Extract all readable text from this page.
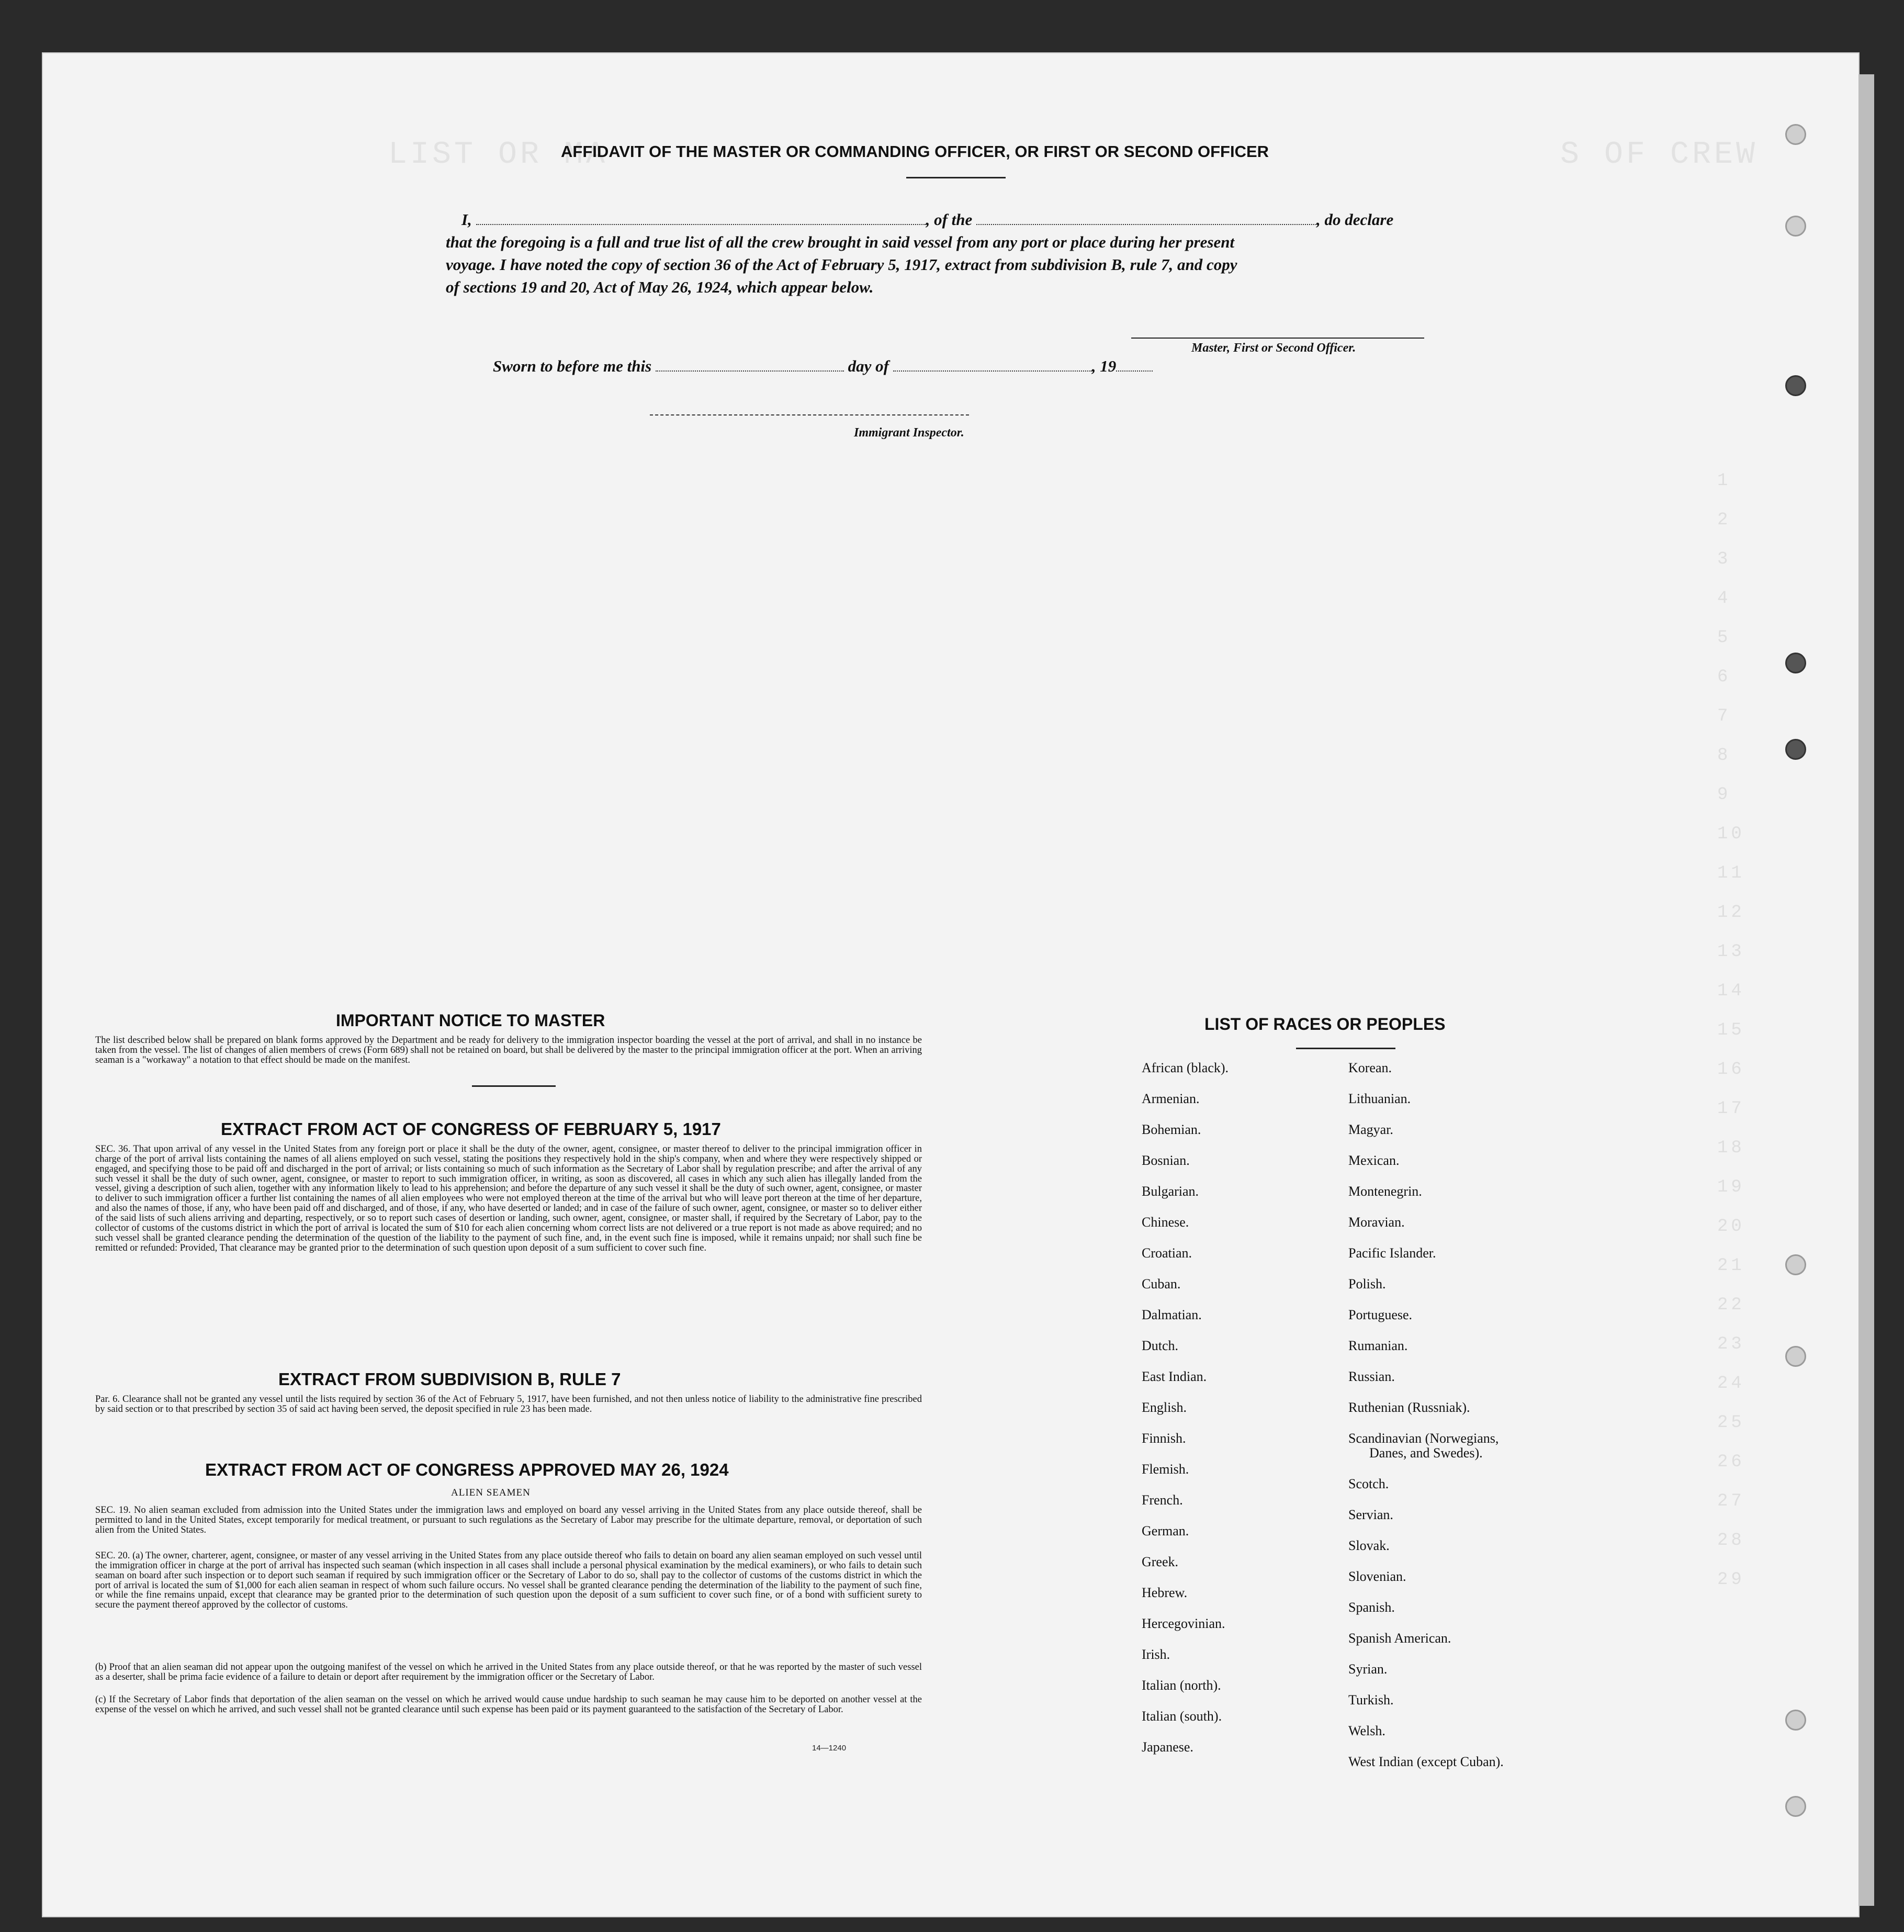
LIST OR MA	S OF CREW
1
2
3
4
5
6
7
8
9
10
11
12
13
14
15
16
17
18
19
20
21
22
23
24
25
26
27
28
29
AFFIDAVIT OF THE MASTER OR COMMANDING OFFICER, OR FIRST OR SECOND OFFICER
I,	, of the	, do declare
that the foregoing is a full and true list of all the crew brought in said vessel from any port or place during her present
voyage. I have noted the copy of section 36 of the Act of February 5, 1917, extract from subdivision B, rule 7, and copy
of sections 19 and 20, Act of May 26, 1924, which appear below.
Master, First or Second Officer.
Sworn to before me this	day of	, 19
Immigrant Inspector.
IMPORTANT NOTICE TO MASTER
The list described below shall be prepared on blank forms approved by the Department and be ready for delivery to the immigration inspector boarding the vessel at the port of arrival, and shall in no instance be taken from the vessel. The list of changes of alien members of crews (Form 689) shall not be retained on board, but shall be delivered by the master to the principal immigration officer at the port. When an arriving seaman is a "workaway" a notation to that effect should be made on the manifest.
EXTRACT FROM ACT OF CONGRESS OF FEBRUARY 5, 1917
SEC. 36. That upon arrival of any vessel in the United States from any foreign port or place it shall be the duty of the owner, agent, consignee, or master thereof to deliver to the principal immigration officer in charge of the port of arrival lists containing the names of all aliens employed on such vessel, stating the positions they respectively hold in the ship's company, when and where they were respectively shipped or engaged, and specifying those to be paid off and discharged in the port of arrival; or lists containing so much of such information as the Secretary of Labor shall by regulation prescribe; and after the arrival of any such vessel it shall be the duty of such owner, agent, consignee, or master to report to such immigration officer, in writing, as soon as discovered, all cases in which any such alien has illegally landed from the vessel, giving a description of such alien, together with any information likely to lead to his apprehension; and before the departure of any such vessel it shall be the duty of such owner, agent, consignee, or master to deliver to such immigration officer a further list containing the names of all alien employees who were not employed thereon at the time of the arrival but who will leave port thereon at the time of her departure, and also the names of those, if any, who have been paid off and discharged, and of those, if any, who have deserted or landed; and in case of the failure of such owner, agent, consignee, or master so to deliver either of the said lists of such aliens arriving and departing, respectively, or so to report such cases of desertion or landing, such owner, agent, consignee, or master shall, if required by the Secretary of Labor, pay to the collector of customs of the customs district in which the port of arrival is located the sum of $10 for each alien concerning whom correct lists are not delivered or a true report is not made as above required; and no such vessel shall be granted clearance pending the determination of the question of the liability to the payment of such fine, and, in the event such fine is imposed, while it remains unpaid; nor shall such fine be remitted or refunded: Provided, That clearance may be granted prior to the determination of such question upon deposit of a sum sufficient to cover such fine.
EXTRACT FROM SUBDIVISION B, RULE 7
Par. 6. Clearance shall not be granted any vessel until the lists required by section 36 of the Act of February 5, 1917, have been furnished, and not then unless notice of liability to the administrative fine prescribed by said section or to that prescribed by section 35 of said act having been served, the deposit specified in rule 23 has been made.
EXTRACT FROM ACT OF CONGRESS APPROVED MAY 26, 1924
ALIEN SEAMEN
SEC. 19. No alien seaman excluded from admission into the United States under the immigration laws and employed on board any vessel arriving in the United States from any place outside thereof, shall be permitted to land in the United States, except temporarily for medical treatment, or pursuant to such regulations as the Secretary of Labor may prescribe for the ultimate departure, removal, or deportation of such alien from the United States.
SEC. 20. (a) The owner, charterer, agent, consignee, or master of any vessel arriving in the United States from any place outside thereof who fails to detain on board any alien seaman employed on such vessel until the immigration officer in charge at the port of arrival has inspected such seaman (which inspection in all cases shall include a personal physical examination by the medical examiners), or who fails to detain such seaman on board after such inspection or to deport such seaman if required by such immigration officer or the Secretary of Labor to do so, shall pay to the collector of customs of the customs district in which the port of arrival is located the sum of $1,000 for each alien seaman in respect of whom such failure occurs. No vessel shall be granted clearance pending the determination of the liability to the payment of such fine, or while the fine remains unpaid, except that clearance may be granted prior to the determination of such question upon the deposit of a sum sufficient to cover such fine, or of a bond with sufficient surety to secure the payment thereof approved by the collector of customs.
(b) Proof that an alien seaman did not appear upon the outgoing manifest of the vessel on which he arrived in the United States from any place outside thereof, or that he was reported by the master of such vessel as a deserter, shall be prima facie evidence of a failure to detain or deport after requirement by the immigration officer or the Secretary of Labor.
(c) If the Secretary of Labor finds that deportation of the alien seaman on the vessel on which he arrived would cause undue hardship to such seaman he may cause him to be deported on another vessel at the expense of the vessel on which he arrived, and such vessel shall not be granted clearance until such expense has been paid or its payment guaranteed to the satisfaction of the Secretary of Labor.
14—1240
LIST OF RACES OR PEOPLES
African (black).
Armenian.
Bohemian.
Bosnian.
Bulgarian.
Chinese.
Croatian.
Cuban.
Dalmatian.
Dutch.
East Indian.
English.
Finnish.
Flemish.
French.
German.
Greek.
Hebrew.
Hercegovinian.
Irish.
Italian (north).
Italian (south).
Japanese.
Korean.
Lithuanian.
Magyar.
Mexican.
Montenegrin.
Moravian.
Pacific Islander.
Polish.
Portuguese.
Rumanian.
Russian.
Ruthenian (Russniak).
Scandinavian (Norwegians,
Danes, and Swedes).
Scotch.
Servian.
Slovak.
Slovenian.
Spanish.
Spanish American.
Syrian.
Turkish.
Welsh.
West Indian (except Cuban).
